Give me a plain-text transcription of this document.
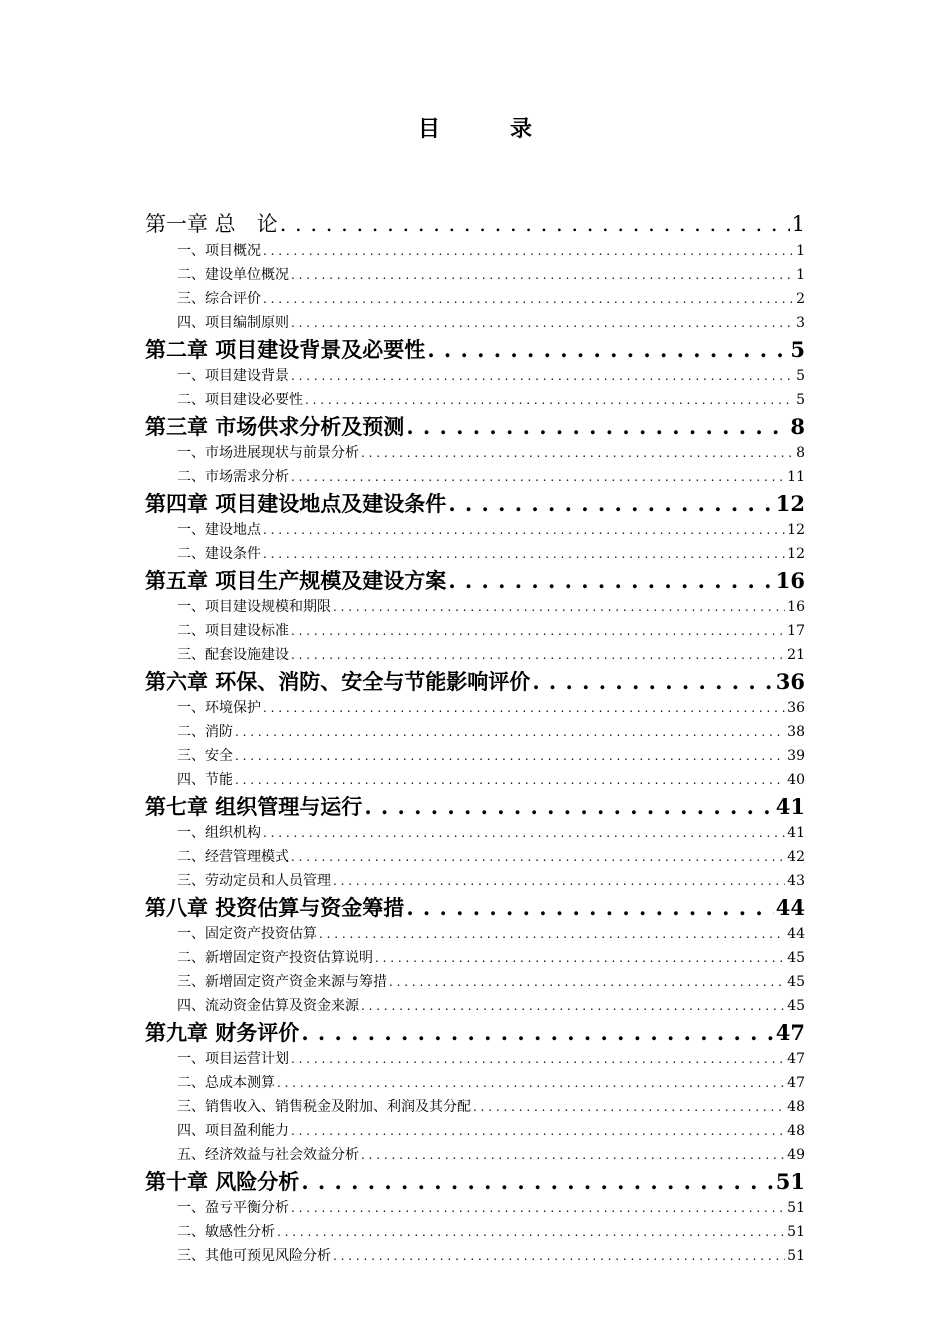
目	录
第一章 总　论 . . .	1
一、项目概况 . . .	1
二、建设单位概况 . . .	1
三、综合评价 . . .	2
四、项目编制原则 . . .	3
第二章 项目建设背景及必要性 . . .	5
一、项目建设背景 . . .	5
二、项目建设必要性 . . .	5
第三章 市场供求分析及预测 . . .	8
一、市场进展现状与前景分析 . . .	8
二、市场需求分析 . . .	11
第四章 项目建设地点及建设条件 . . .	12
一、建设地点 . . .	12
二、建设条件 . . .	12
第五章 项目生产规模及建设方案 . . .	16
一、项目建设规模和期限 . . .	16
二、项目建设标准 . . .	17
三、配套设施建设 . . .	21
第六章 环保、消防、安全与节能影响评价 . . .	36
一、环境保护 . . .	36
二、消防 . . .	38
三、安全 . . .	39
四、节能 . . .	40
第七章 组织管理与运行 . . .	41
一、组织机构 . . .	41
二、经营管理模式 . . .	42
三、劳动定员和人员管理 . . .	43
第八章 投资估算与资金筹措 . . .	44
一、固定资产投资估算 . . .	44
二、新增固定资产投资估算说明 . . .	45
三、新增固定资产资金来源与筹措 . . .	45
四、流动资金估算及资金来源 . . .	45
第九章 财务评价 . . .	47
一、项目运营计划 . . .	47
二、总成本测算 . . .	47
三、销售收入、销售税金及附加、利润及其分配 . . .	48
四、项目盈利能力 . . .	48
五、经济效益与社会效益分析 . . .	49
第十章 风险分析 . . .	51
一、盈亏平衡分析 . . .	51
二、敏感性分析 . . .	51
三、其他可预见风险分析 . . .	51
